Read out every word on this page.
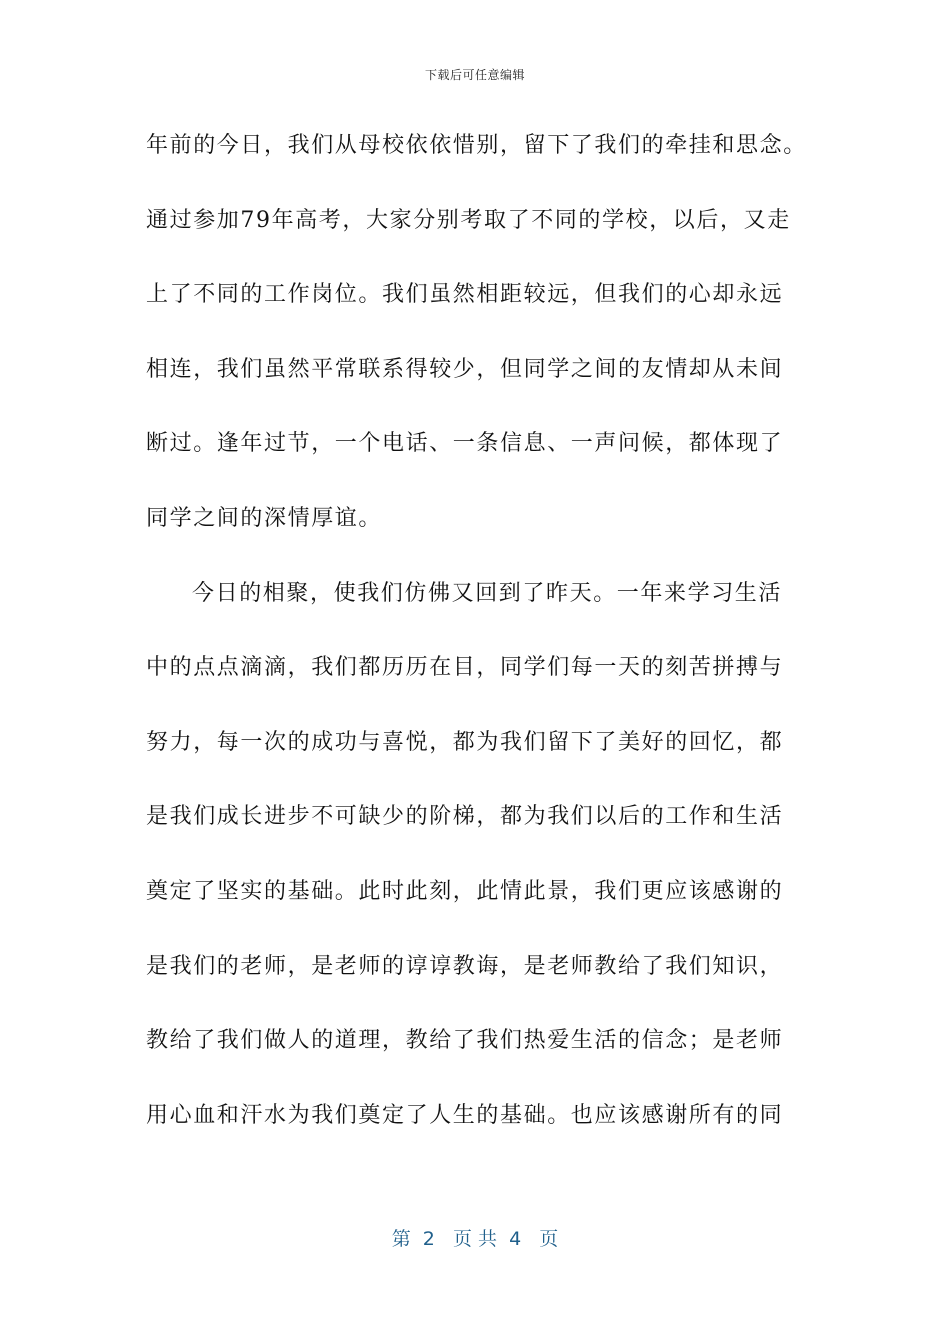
下载后可任意编辑
年前的今日，我们从母校依依惜别，留下了我们的牵挂和思念。
通过参加79年高考，大家分别考取了不同的学校，以后，又走
上了不同的工作岗位。我们虽然相距较远，但我们的心却永远
相连，我们虽然平常联系得较少，但同学之间的友情却从未间
断过。逢年过节，一个电话、一条信息、一声问候，都体现了
同学之间的深情厚谊。
今日的相聚，使我们仿佛又回到了昨天。一年来学习生活
中的点点滴滴，我们都历历在目，同学们每一天的刻苦拼搏与
努力，每一次的成功与喜悦，都为我们留下了美好的回忆，都
是我们成长进步不可缺少的阶梯，都为我们以后的工作和生活
奠定了坚实的基础。此时此刻，此情此景，我们更应该感谢的
是我们的老师，是老师的谆谆教诲，是老师教给了我们知识，
教给了我们做人的道理，教给了我们热爱生活的信念；是老师
用心血和汗水为我们奠定了人生的基础。也应该感谢所有的同
第  2   页 共  4   页
